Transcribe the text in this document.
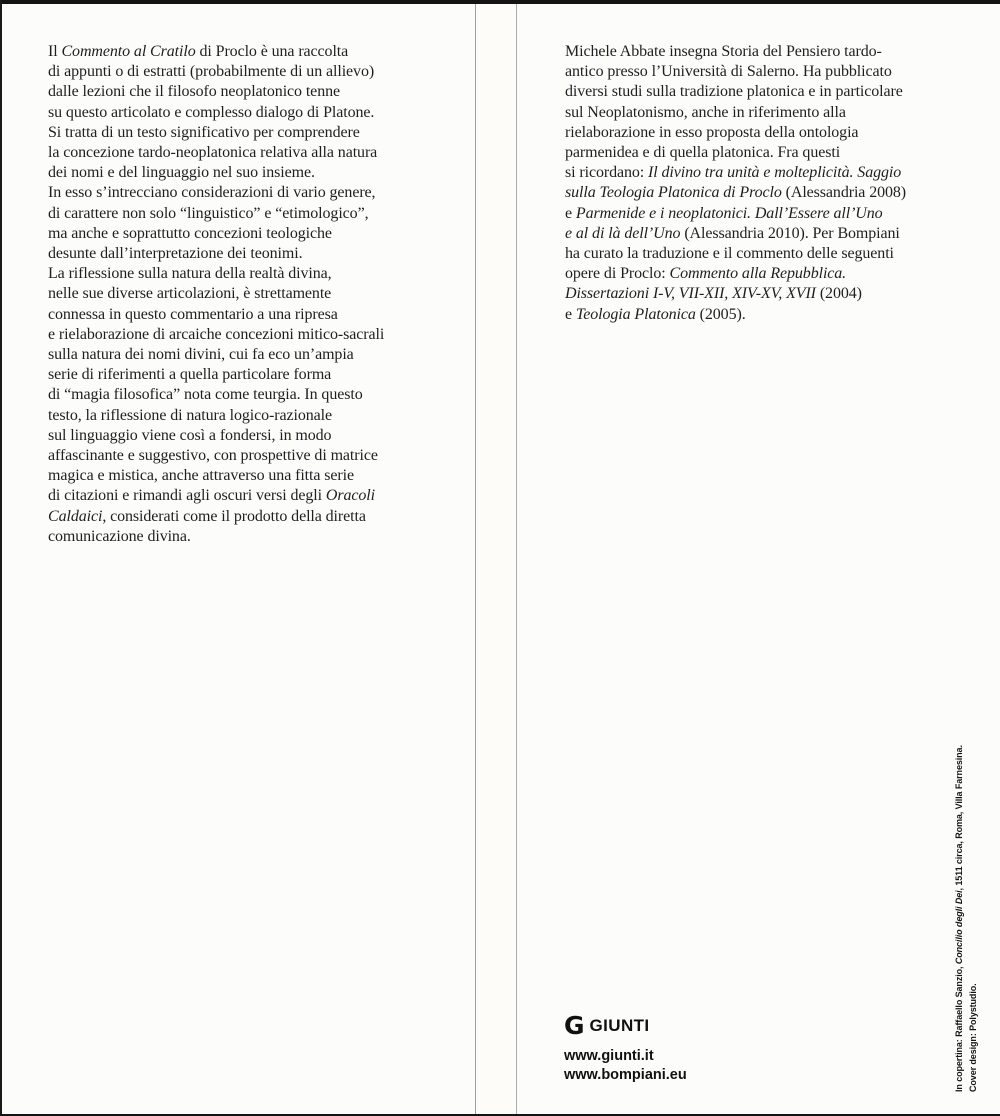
Il Commento al Cratilo di Proclo è una raccolta
di appunti o di estratti (probabilmente di un allievo)
dalle lezioni che il filosofo neoplatonico tenne
su questo articolato e complesso dialogo di Platone.
Si tratta di un testo significativo per comprendere
la concezione tardo-neoplatonica relativa alla natura
dei nomi e del linguaggio nel suo insieme.
In esso s’intrecciano considerazioni di vario genere,
di carattere non solo “linguistico” e “etimologico”,
ma anche e soprattutto concezioni teologiche
desunte dall’interpretazione dei teonimi.
La riflessione sulla natura della realtà divina,
nelle sue diverse articolazioni, è strettamente
connessa in questo commentario a una ripresa
e rielaborazione di arcaiche concezioni mitico-sacrali
sulla natura dei nomi divini, cui fa eco un’ampia
serie di riferimenti a quella particolare forma
di “magia filosofica” nota come teurgia. In questo
testo, la riflessione di natura logico-razionale
sul linguaggio viene così a fondersi, in modo
affascinante e suggestivo, con prospettive di matrice
magica e mistica, anche attraverso una fitta serie
di citazioni e rimandi agli oscuri versi degli Oracoli
Caldaici, considerati come il prodotto della diretta
comunicazione divina.
Michele Abbate insegna Storia del Pensiero tardo-
antico presso l’Università di Salerno. Ha pubblicato
diversi studi sulla tradizione platonica e in particolare
sul Neoplatonismo, anche in riferimento alla
rielaborazione in esso proposta della ontologia
parmenidea e di quella platonica. Fra questi
si ricordano: Il divino tra unità e molteplicità. Saggio
sulla Teologia Platonica di Proclo (Alessandria 2008)
e Parmenide e i neoplatonici. Dall’Essere all’Uno
e al di là dell’Uno (Alessandria 2010). Per Bompiani
ha curato la traduzione e il commento delle seguenti
opere di Proclo: Commento alla Repubblica.
Dissertazioni I-V, VII-XII, XIV-XV, XVII (2004)
e Teologia Platonica (2005).
G GIUNTI
www.giunti.it
www.bompiani.eu	In copertina: Raffaello Sanzio, Concilio degli Dei, 1511 circa, Roma, Villa Farnesina.
Cover design: Polystudio.
